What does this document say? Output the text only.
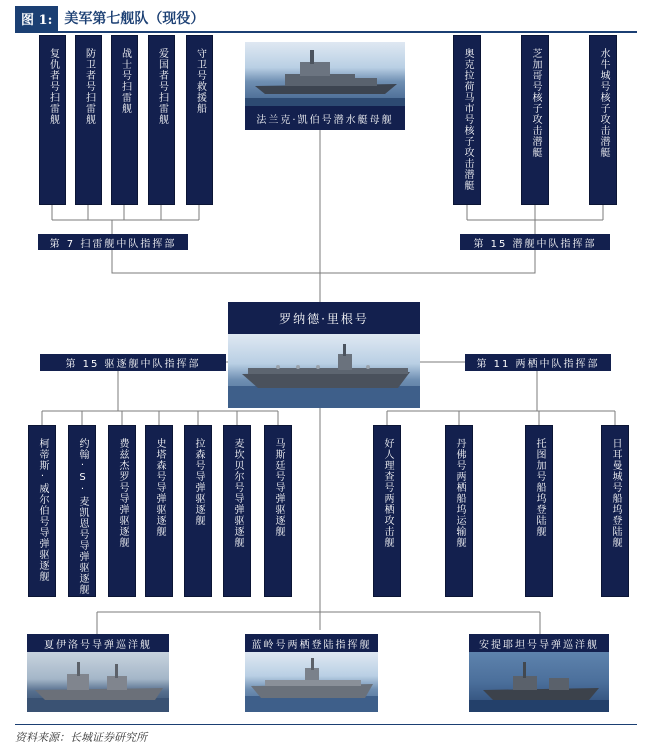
图 1: 美军第七舰队（现役）
复仇者号扫雷舰	防卫者号扫雷舰	战士号扫雷舰	爱国者号扫雷舰	守卫号救援船	奥克拉荷马市号核子攻击潜艇	芝加哥号核子攻击潜艇	水牛城号核子攻击潜艇
法兰克·凯伯号潜水艇母舰
第 7 扫雷舰中队指挥部	第 15 潜舰中队指挥部
罗纳德·里根号
第 15 驱逐舰中队指挥部	第 11 两栖中队指挥部
柯蒂斯·威尔伯号导弹驱逐舰	约翰·S·麦凯恩号导弹驱逐舰	费兹杰罗号导弹驱逐舰	史塔森号导弹驱逐舰	拉森号导弹驱逐舰	麦坎贝尔号导弹驱逐舰	马斯廷号导弹驱逐舰	好人理查号两栖攻击舰	丹佛号两栖船坞运输舰	托图加号船坞登陆舰	日耳曼城号船坞登陆舰
夏伊洛号导弹巡洋舰	蓝岭号两栖登陆指挥舰	安提耶坦号导弹巡洋舰
资料来源：长城证券研究所
